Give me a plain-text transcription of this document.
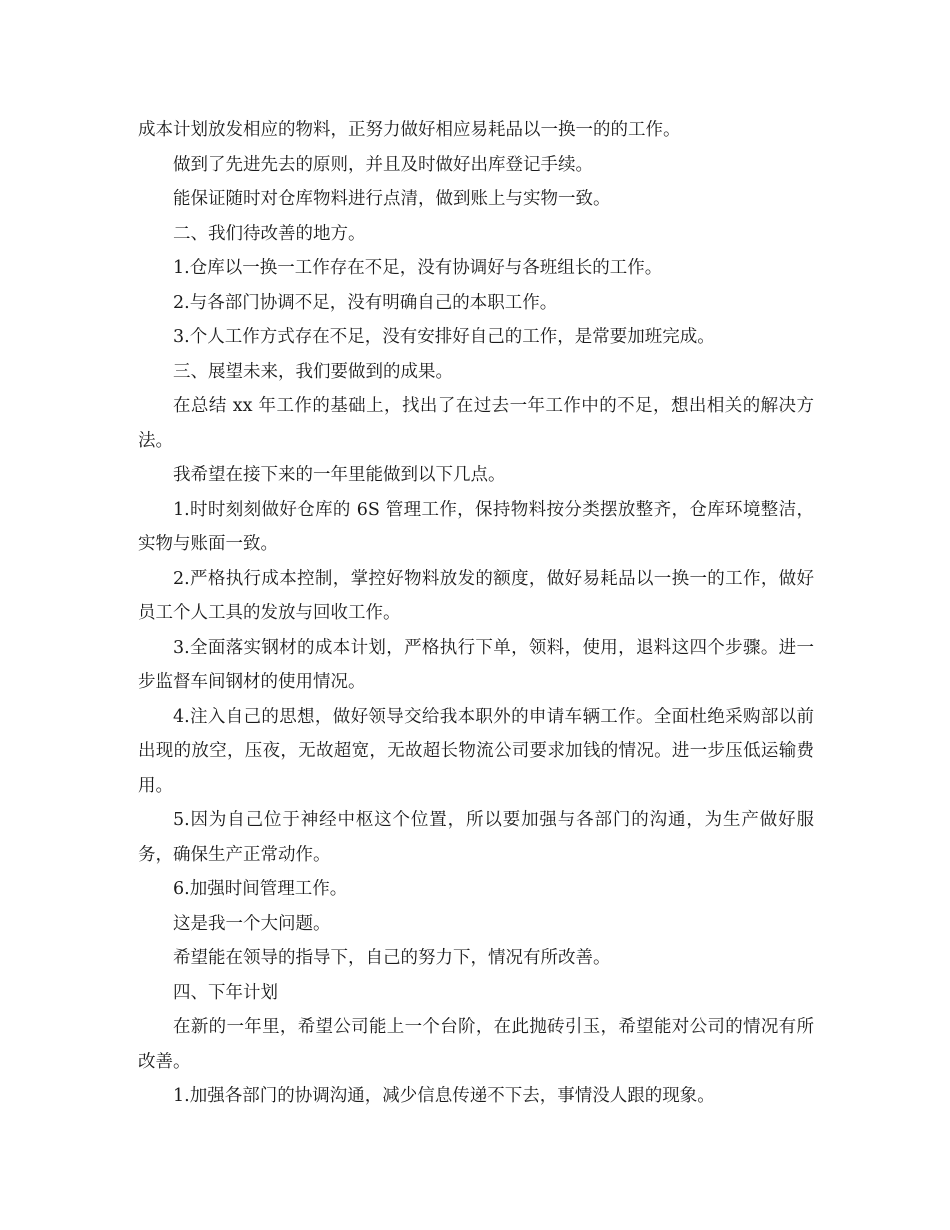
成本计划放发相应的物料，正努力做好相应易耗品以一换一的的工作。

做到了先进先去的原则，并且及时做好出库登记手续。

能保证随时对仓库物料进行点清，做到账上与实物一致。

二、我们待改善的地方。

1.仓库以一换一工作存在不足，没有协调好与各班组长的工作。

2.与各部门协调不足，没有明确自己的本职工作。

3.个人工作方式存在不足，没有安排好自己的工作，是常要加班完成。

三、展望未来，我们要做到的成果。

在总结 xx 年工作的基础上，找出了在过去一年工作中的不足，想出相关的解决方法。

我希望在接下来的一年里能做到以下几点。

1.时时刻刻做好仓库的 6S 管理工作，保持物料按分类摆放整齐，仓库环境整洁，实物与账面一致。

2.严格执行成本控制，掌控好物料放发的额度，做好易耗品以一换一的工作，做好员工个人工具的发放与回收工作。

3.全面落实钢材的成本计划，严格执行下单，领料，使用，退料这四个步骤。进一步监督车间钢材的使用情况。

4.注入自己的思想，做好领导交给我本职外的申请车辆工作。全面杜绝采购部以前出现的放空，压夜，无故超宽，无故超长物流公司要求加钱的情况。进一步压低运输费用。

5.因为自己位于神经中枢这个位置，所以要加强与各部门的沟通，为生产做好服务，确保生产正常动作。

6.加强时间管理工作。

这是我一个大问题。

希望能在领导的指导下，自己的努力下，情况有所改善。

四、下年计划

在新的一年里，希望公司能上一个台阶，在此抛砖引玉，希望能对公司的情况有所改善。

1.加强各部门的协调沟通，减少信息传递不下去，事情没人跟的现象。
